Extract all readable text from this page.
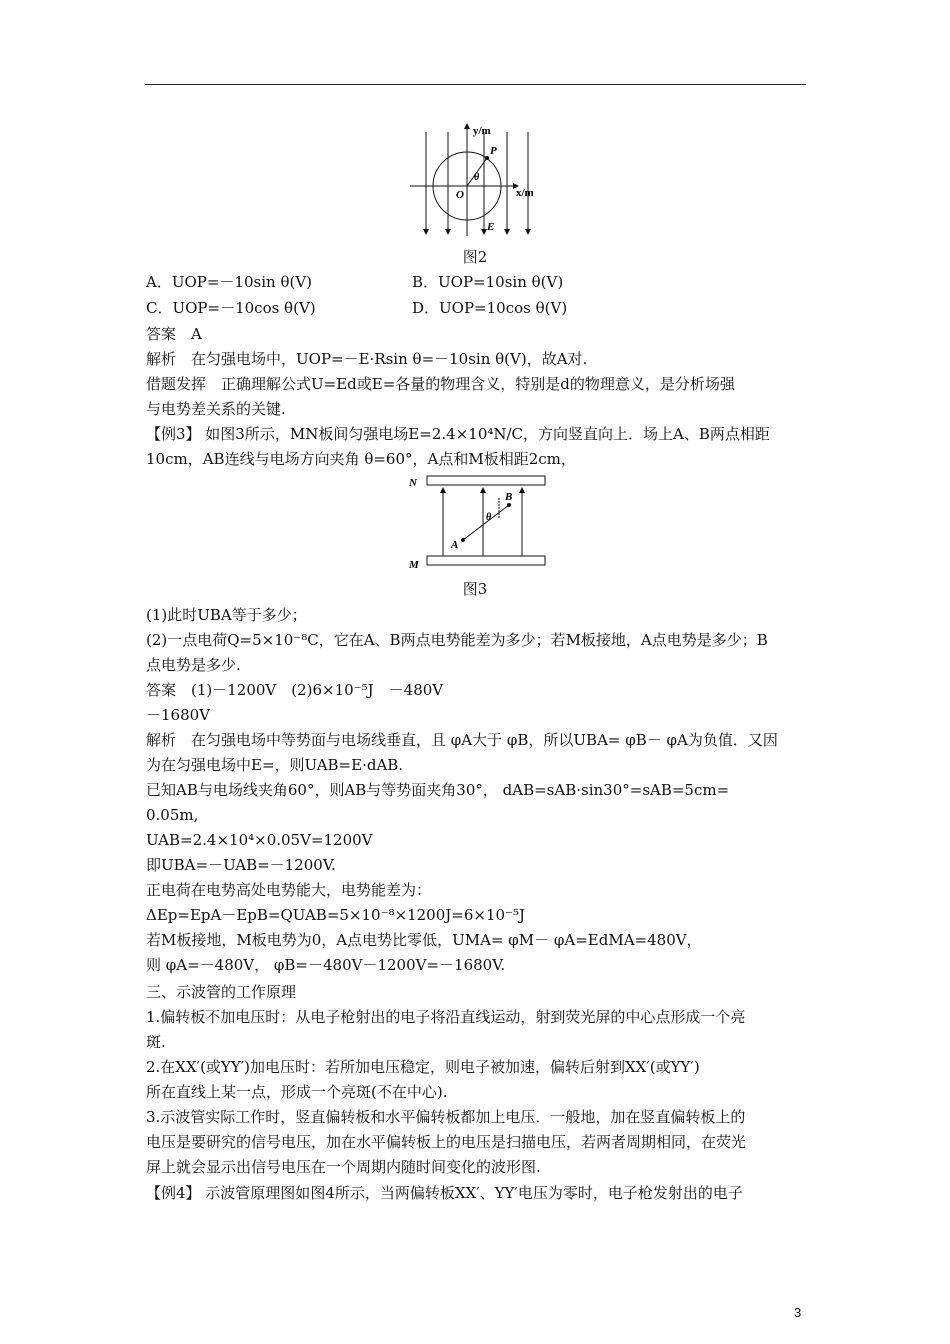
y/m
x/m
P
O
θ
E
图2
A．UOP=－10sin θ(V)	B．UOP=10sin θ(V)
C．UOP=－10cos θ(V)	D．UOP=10cos θ(V)
答案　A
解析　在匀强电场中，UOP=－E·Rsin θ=－10sin θ(V)，故A对.
借题发挥　正确理解公式U=Ed或E=各量的物理含义，特别是d的物理意义，是分析场强
与电势差关系的关键.
【例3】 如图3所示，MN板间匀强电场E=2.4×10⁴N/C，方向竖直向上．场上A、B两点相距
10cm，AB连线与电场方向夹角 θ=60°，A点和M板相距2cm，
N
M
A
B
θ
图3
(1)此时UBA等于多少；
(2)一点电荷Q=5×10⁻⁸C，它在A、B两点电势能差为多少；若M板接地，A点电势是多少；B
点电势是多少.
答案　(1)－1200V　(2)6×10⁻⁵J　－480V
－1680V
解析　在匀强电场中等势面与电场线垂直，且 φA大于 φB，所以UBA= φB－ φA为负值．又因
为在匀强电场中E=，则UAB=E·dAB.
已知AB与电场线夹角60°，则AB与等势面夹角30°， dAB=sAB·sin30°=sAB=5cm=
0.05m,
UAB=2.4×10⁴×0.05V=1200V
即UBA=－UAB=－1200V.
正电荷在电势高处电势能大，电势能差为：
ΔEp=EpA－EpB=QUAB=5×10⁻⁸×1200J=6×10⁻⁵J
若M板接地，M板电势为0，A点电势比零低，UMA= φM－ φA=EdMA=480V，
则 φA=－480V， φB=－480V－1200V=－1680V.
三、示波管的工作原理
1.偏转板不加电压时：从电子枪射出的电子将沿直线运动，射到荧光屏的中心点形成一个亮
斑.
2.在XX′(或YY′)加电压时：若所加电压稳定，则电子被加速，偏转后射到XX′(或YY′)
所在直线上某一点，形成一个亮斑(不在中心).
3.示波管实际工作时，竖直偏转板和水平偏转板都加上电压．一般地，加在竖直偏转板上的
电压是要研究的信号电压，加在水平偏转板上的电压是扫描电压，若两者周期相同，在荧光
屏上就会显示出信号电压在一个周期内随时间变化的波形图.
【例4】 示波管原理图如图4所示，当两偏转板XX′、YY′电压为零时，电子枪发射出的电子
3
